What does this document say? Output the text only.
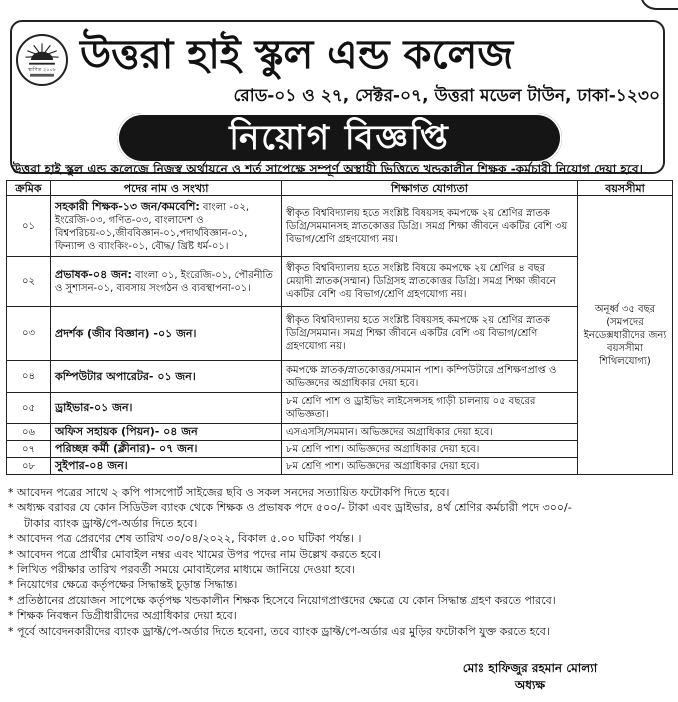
স্থাপিত ২০০৮ উত্তরা হাই স্কুল এন্ড কলেজ
রোড-০১ ও ২৭, সেক্টর-০৭, উত্তরা মডেল টাউন, ঢাকা-১২৩০
নিয়োগ বিজ্ঞপ্তি
উত্তরা হাই স্কুল এন্ড কলেজে নিজস্ব অর্থায়নে ও শর্ত সাপেক্ষে সম্পূর্ণ অস্থায়ী ভিত্তিতে খন্ডকালীন শিক্ষক -কর্মচারী নিয়োগ দেয়া হবে।
ক্রমিক	পদের নাম ও সংখ্যা	শিক্ষাগত যোগ্যতা	বয়সসীমা
০১	সহকারী শিক্ষক-১৩ জন/কমবেশি: বাংলা -০২, ইংরেজি-০৩, গণিত-০৩, বাংলাদেশ ও বিশ্বপরিচয়-০১,জীববিজ্ঞান-০১,পদার্থবিজ্ঞান-০১, ফিন্যান্স ও ব্যাংকিং-০১, বৌদ্ধ/ খ্রিষ্ট ধর্ম-০১।	স্বীকৃত বিশ্ববিদ্যালয় হতে সংশ্লিষ্ট বিষয়সহ কমপক্ষে ২য় শ্রেণির স্নাতক ডিগ্রি/সমমানসহ স্নাতকোত্তর ডিগ্রি। সমগ্র শিক্ষা জীবনে একটির বেশি ৩য় বিভাগ/শ্রেণি গ্রহণযোগ্য নয়।	অনূর্ধ্ব ৩৫ বছর (সমপদের ইনডেক্সধারীদের জন্য বয়সসীমা শিথিলযোগ্য)
০২	প্রভাষক-০৪ জন: বাংলা ০১, ইংরেজি-০১, পৌরনীতি ও সুশাসন-০১, ব্যবসায় সংগঠন ও ব্যবস্থাপনা-০১।	স্বীকৃত বিশ্ববিদ্যালয় হতে সংশ্লিষ্ট বিষয়ে কমপক্ষে ২য় শ্রেণির ৪ বছর মেয়াদী স্নাতক(সম্মান) ডিগ্রিসহ স্নাতকোত্তর ডিগ্রি। সমগ্র শিক্ষা জীবনে একটির বেশি ৩য় বিভাগ/শ্রেণি গ্রহণযোগ্য নয়।	
০৩	প্রদর্শক (জীব বিজ্ঞান) -০১ জন।	স্বীকৃত বিশ্ববিদ্যালয় হতে সংশ্লিষ্ট বিষয়সহ কমপক্ষে ২য় শ্রেণির স্নাতক ডিগ্রি/সমমান। সমগ্র শিক্ষা জীবনে একটির বেশি ৩য় বিভাগ/শ্রেণি গ্রহণযোগ্য নয়।	
০৪	কম্পিউটার অপারেটর- ০১ জন।	কমপক্ষে স্নাতক/স্নাতকোত্তর/সমমান পাশ। কম্পিউটারে প্রশিক্ষণপ্রাপ্ত ও অভিজ্ঞদের অগ্রাধিকার দেয়া হবে।	
০৫	ড্রাইভার-০১ জন।	৮ম শ্রেণি পাশ ও ড্রাইভিং লাইসেন্সসহ গাড়ী চালনায় ০৫ বছরের অভিজ্ঞতা।	
০৬	অফিস সহায়ক (পিয়ন)- ০৪ জন	এসএসসি/সমমান। অভিজ্ঞদের অগ্রাধিকার দেয়া হবে।	
০৭	পরিচ্ছন্ন কর্মী (ক্লীনার)- ০৭ জন।	৮ম শ্রেণি পাশ। অভিজ্ঞদের অগ্রাধিকার দেয়া হবে।	
০৮	সুইপার-০৪ জন।	৮ম শ্রেণি পাশ। অভিজ্ঞদের অগ্রাধিকার দেয়া হবে।	
* আবেদন পত্রের সাথে ২ কপি পাসপোর্ট সাইজের ছবি ও সকল সনদের সত্যায়িত ফটোকপি দিতে হবে।
* অধ্যক্ষ বরাবর যে কোন সিডিউল ব্যাংক থেকে শিক্ষক ও প্রভাষক পদে ৫০০/- টাকা এবং ড্রাইভার, ৪র্থ শ্রেণির কর্মচারী পদে ৩০০/-
টাকার ব্যাংক ড্রাফ্ট/পে-অর্ডার দিতে হবে।
* আবেদন পত্র প্রেরণের শেষ তারিখ ৩০/০৪/২০২২, বিকাল ৫.০০ ঘটিকা পর্যন্ত। ।
* আবেদন পত্রে প্রার্থীর মোবাইল নম্বর এবং খামের উপর পদের নাম উল্লেখ করতে হবে।
* লিখিত পরীক্ষার তারিখ পরবর্তী সময়ে মোবাইলের মাধ্যমে জানিয়ে দেওয়া হবে।
* নিয়োগের ক্ষেত্রে কর্তৃপক্ষের সিদ্ধান্তই চূড়ান্ত সিদ্ধান্ত।
* প্রতিষ্ঠানের প্রয়োজন সাপেক্ষে কর্তৃপক্ষ খন্ডকালীন শিক্ষক হিসেবে নিয়োগপ্রাপ্তদের ক্ষেত্রে যে কোন সিদ্ধান্ত গ্রহণ করতে পারবে।
* শিক্ষক নিবন্ধন ডিগ্রীধারীদের অগ্রাধিকার দেয়া হবে।
* পূর্বে আবেদনকারীদের ব্যাংক ড্রাফ্ট/পে-অর্ডার দিতে হবেনা, তবে ব্যাংক ড্রাফ্ট/পে-অর্ডার এর মুড়ির ফটোকপি যুক্ত করতে হবে।
মোঃ হাফিজুর রহমান মোল্যা
অধ্যক্ষ
